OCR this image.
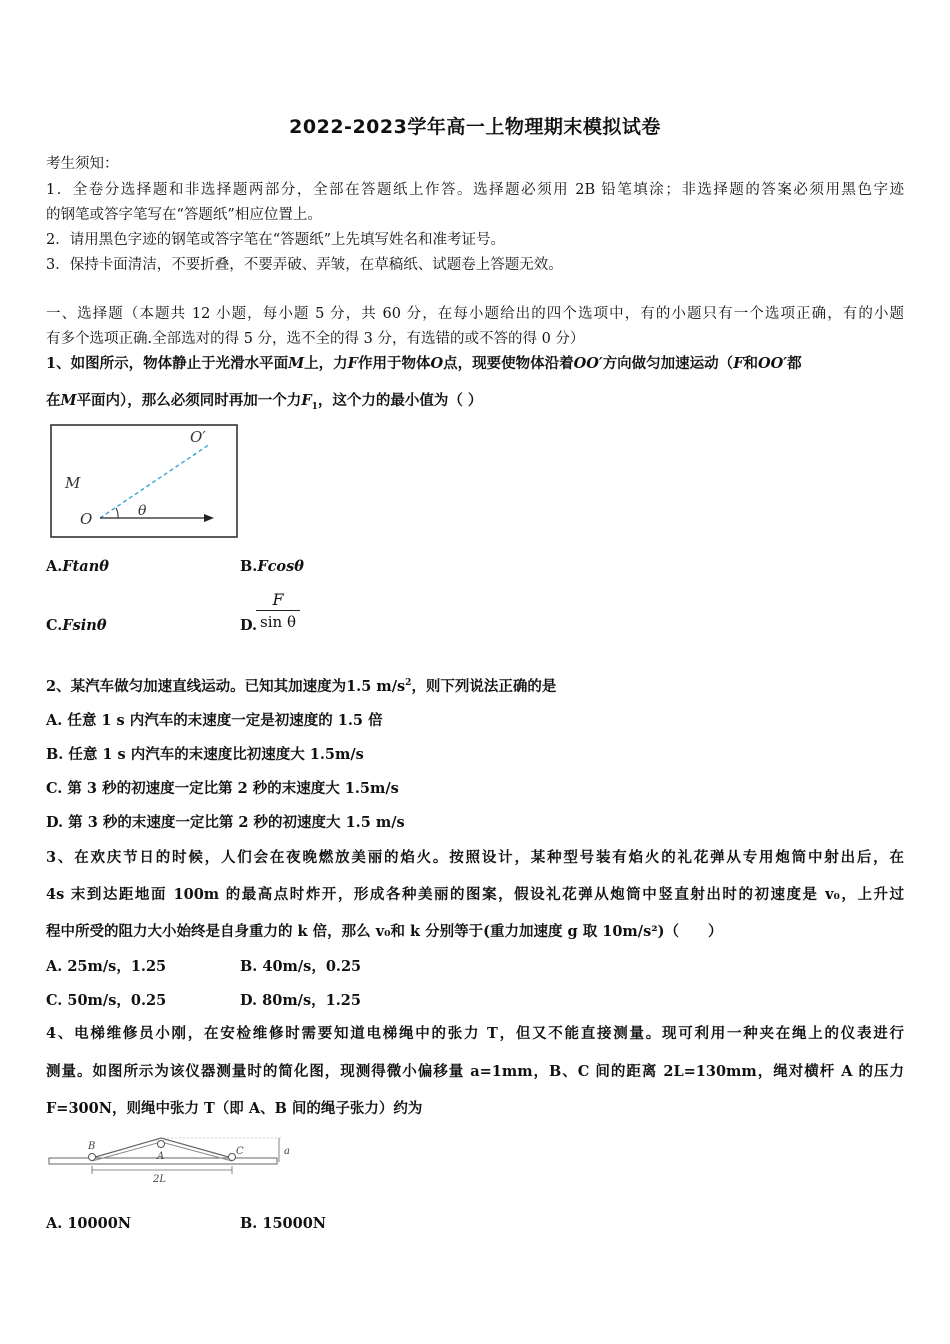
2022-2023学年高一上物理期末模拟试卷
考生须知：
1．全卷分选择题和非选择题两部分，全部在答题纸上作答。选择题必须用 2B 铅笔填涂；非选择题的答案必须用黑色字迹
的钢笔或答字笔写在“答题纸”相应位置上。
2．请用黑色字迹的钢笔或答字笔在“答题纸”上先填写姓名和准考证号。
3．保持卡面清洁，不要折叠，不要弄破、弄皱，在草稿纸、试题卷上答题无效。
一、选择题（本题共 12 小题，每小题 5 分，共 60 分，在每小题给出的四个选项中，有的小题只有一个选项正确，有的小题
有多个选项正确.全部选对的得 5 分，选不全的得 3 分，有选错的或不答的得 0 分）
1、如图所示，物体静止于光滑水平面M上，力F作用于物体O点，现要使物体沿着OO′方向做匀加速运动（F和OO′都
在M平面内），那么必须同时再加一个力$F_1$，这个力的最小值为（ ）
O
O′
M
θ
A.Ftanθ	B.Fcosθ
C.Fsinθ	D.
$\frac{F}{\text{sin θ}}$
2、某汽车做匀加速直线运动。已知其加速度为1.5 $m/s^2$，则下列说法正确的是
A. 任意 1 s 内汽车的末速度一定是初速度的 1.5 倍
B. 任意 1 s 内汽车的末速度比初速度大 1.5m/s
C. 第 3 秒的初速度一定比第 2 秒的末速度大 1.5m/s
D. 第 3 秒的末速度一定比第 2 秒的初速度大 1.5 m/s
3、在欢庆节日的时候，人们会在夜晚燃放美丽的焰火。按照设计，某种型号装有焰火的礼花弹从专用炮筒中射出后，在
4s 末到达距地面 100m 的最高点时炸开，形成各种美丽的图案，假设礼花弹从炮筒中竖直射出时的初速度是 v₀，上升过
程中所受的阻力大小始终是自身重力的 k 倍，那么 v₀和 k 分别等于(重力加速度 g 取 10m/s²)（　　）
A. 25m/s，1.25	B. 40m/s，0.25
C. 50m/s，0.25	D. 80m/s，1.25
4、电梯维修员小刚，在安检维修时需要知道电梯绳中的张力 T，但又不能直接测量。现可利用一种夹在绳上的仪表进行
测量。如图所示为该仪器测量时的简化图，现测得微小偏移量 a=1mm，B、C 间的距离 2L=130mm，绳对横杆 A 的压力
F=300N，则绳中张力 T（即 A、B 间的绳子张力）约为
B
A	C	a
2L
A. 10000N	B. 15000N
